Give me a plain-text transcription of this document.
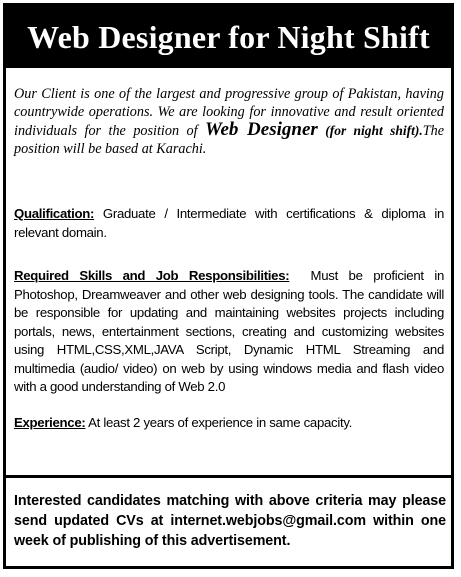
Web Designer for Night Shift
Our Client is one of the largest and progressive group of Pakistan, having countrywide operations. We are looking for innovative and result oriented individuals for the position of Web Designer (for night shift).The position will be based at Karachi.
Qualification: Graduate / Intermediate with certifications & diploma in relevant domain.
Required Skills and Job Responsibilities:  Must be proficient in Photoshop, Dreamweaver and other web designing tools. The candidate will be responsible for updating and maintaining websites projects including portals, news, entertainment sections, creating and customizing websites using HTML,CSS,XML,JAVA Script, Dynamic HTML Streaming and multimedia (audio/ video) on web by using windows media and flash video with a good understanding of Web 2.0
Experience: At least 2 years of experience in same capacity.
Interested candidates matching with above criteria may please send updated CVs at internet.webjobs@gmail.com within one week of publishing of this advertisement.
